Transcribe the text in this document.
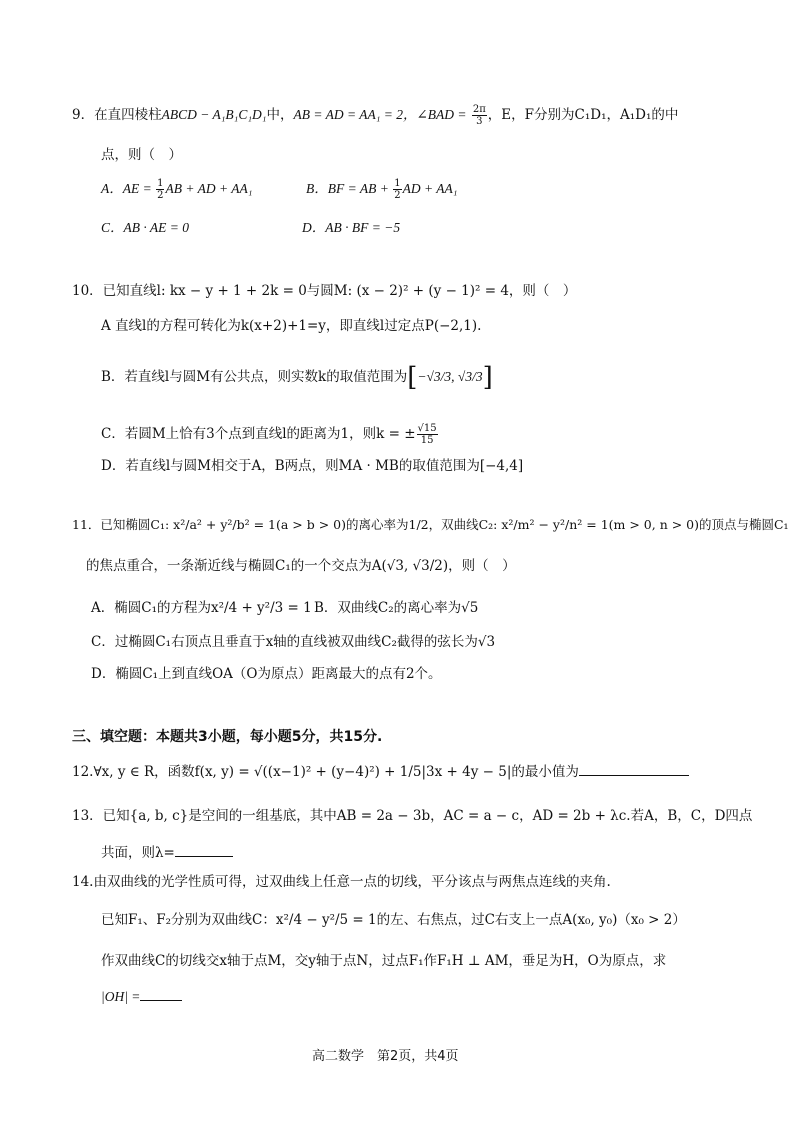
9．在直四棱柱ABCD − A₁B₁C₁D₁中，AB = AD = AA₁ = 2，∠BAD = $\frac{2\pi}{3}$ ，E，F分别为C₁D₁，A₁D₁的中
点，则（　）
A．AE = $\frac{1}{2}$ AB + AD + AA₁	B．BF = AB + $\frac{1}{2}$ AD + AA₁
C．AB · AE = 0	D．AB · BF = −5
10．已知直线l: kx − y + 1 + 2k = 0与圆M: (x − 2)² + (y − 1)² = 4，则（　）
A 直线l的方程可转化为k(x+2)+1=y，即直线l过定点P(−2,1).
B．若直线l与圆M有公共点，则实数k的取值范围为[−√3/3, √3/3]
C．若圆M上恰有3个点到直线l的距离为1，则k = ± $\frac{√15}{15}$
D．若直线l与圆M相交于A，B两点，则MA · MB的取值范围为[−4,4]
11．已知椭圆C₁: x²/a² + y²/b² = 1(a > b > 0)的离心率为1/2，双曲线C₂: x²/m² − y²/n² = 1(m > 0, n > 0)的顶点与椭圆C₁
的焦点重合，一条渐近线与椭圆C₁的一个交点为A(√3, √3/2)，则（　）
A．椭圆C₁的方程为x²/4 + y²/3 = 1 B．双曲线C₂的离心率为√5
C．过椭圆C₁右顶点且垂直于x轴的直线被双曲线C₂截得的弦长为√3
D．椭圆C₁上到直线OA（O为原点）距离最大的点有2个。
三、填空题：本题共3小题，每小题5分，共15分.
12.∀x, y ∈ R，函数f(x, y) = √((x−1)² + (y−4)²) + 1/5|3x + 4y − 5|的最小值为
13．已知{a, b, c}是空间的一组基底，其中AB = 2a − 3b，AC = a − c，AD = 2b + λc.若A，B，C，D四点
共面，则λ=
14.由双曲线的光学性质可得，过双曲线上任意一点的切线，平分该点与两焦点连线的夹角.
已知F₁、F₂分别为双曲线C：x²/4 − y²/5 = 1的左、右焦点，过C右支上一点A(x₀, y₀)（x₀ > 2）
作双曲线C的切线交x轴于点M，交y轴于点N，过点F₁作F₁H ⊥ AM，垂足为H，O为原点，求
|OH| =
高二数学　第2页，共4页
